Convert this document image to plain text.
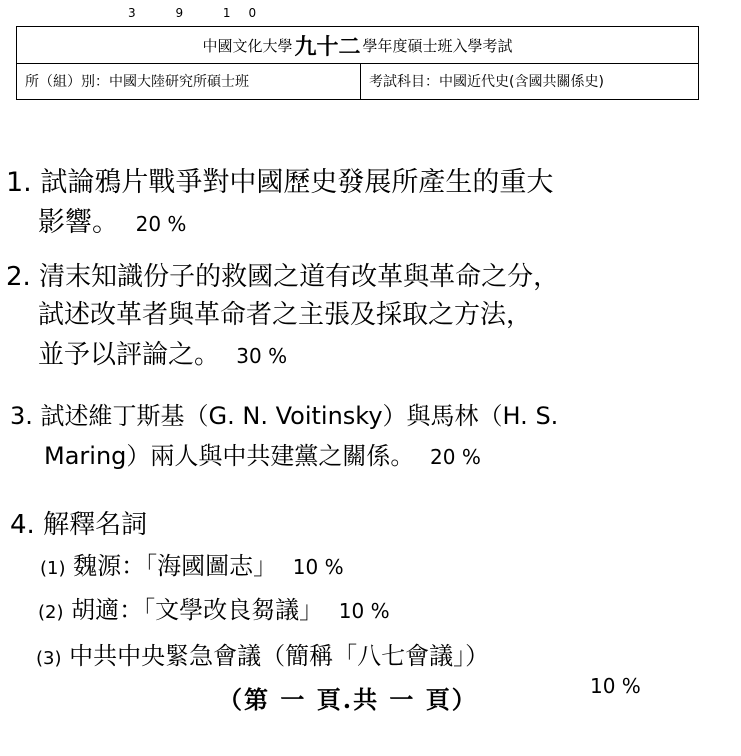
3 9 10
中國文化大學 九十二 學年度碩士班入學考試
所（組）別：中國大陸研究所碩士班	考試科目：中國近代史(含國共關係史)
1. 試論鴉片戰爭對中國歷史發展所產生的重大
影響。 20 %
2. 清末知識份子的救國之道有改革與革命之分，
試述改革者與革命者之主張及採取之方法，
並予以評論之。 30 %
3. 試述維丁斯基（G. N. Voitinsky）與馬林（H. S.
Maring）兩人與中共建黨之關係。 20 %
4. 解釋名詞
(1) 魏源：「海國圖志」 10 %
(2) 胡適：「文學改良芻議」 10 %
(3) 中共中央緊急會議（簡稱「八七會議」）
10 %
（第 一 頁.共 一 頁）
